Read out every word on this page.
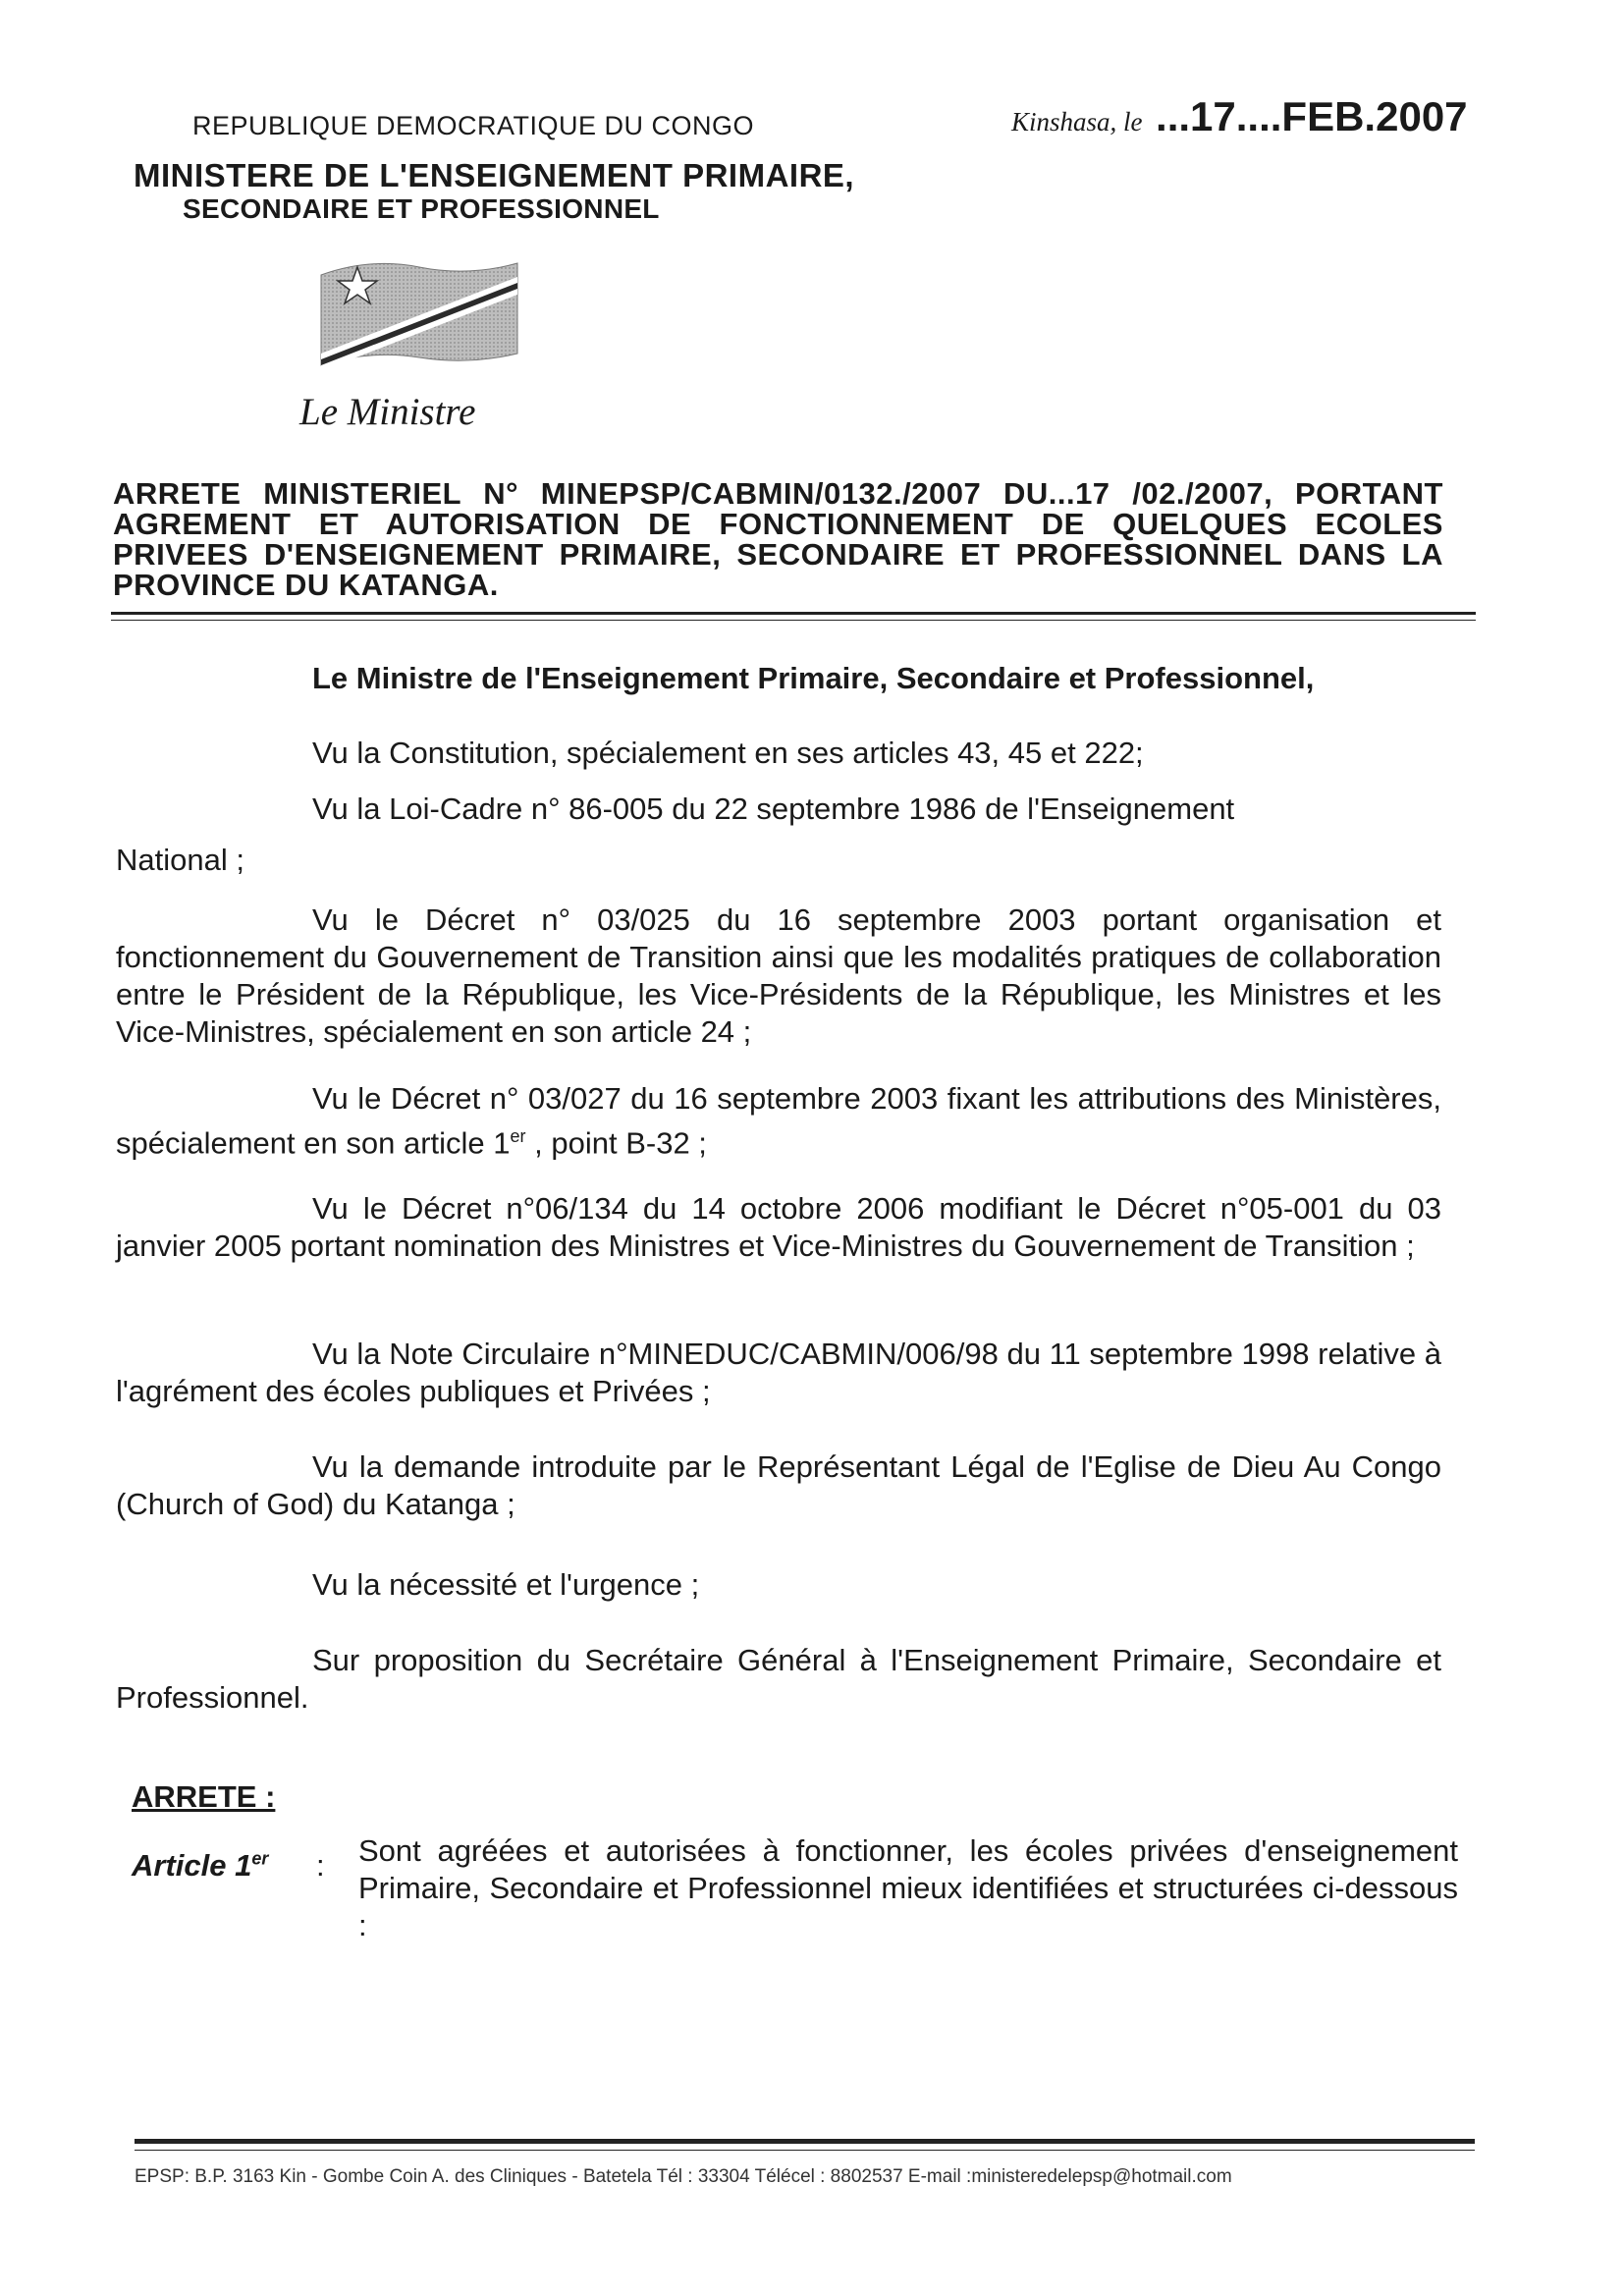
REPUBLIQUE DEMOCRATIQUE DU CONGO
MINISTERE DE L'ENSEIGNEMENT PRIMAIRE,
SECONDAIRE ET PROFESSIONNEL
Kinshasa, le ...17....FEB.2007
Le Ministre
ARRETE MINISTERIEL N° MINEPSP/CABMIN/0132./2007 DU...17 /02./2007, PORTANT AGREMENT ET AUTORISATION DE FONCTIONNEMENT DE QUELQUES ECOLES PRIVEES D'ENSEIGNEMENT PRIMAIRE, SECONDAIRE ET PROFESSIONNEL DANS LA PROVINCE DU KATANGA.
Le Ministre de l'Enseignement Primaire, Secondaire et Professionnel,
Vu la Constitution, spécialement en ses articles 43, 45 et 222;
Vu la Loi-Cadre n° 86-005 du 22 septembre 1986 de l'Enseignement
National ;
Vu le Décret n° 03/025 du 16 septembre 2003 portant organisation et fonctionnement du Gouvernement de Transition ainsi que les modalités pratiques de collaboration entre le Président de la République, les Vice-Présidents de la République, les Ministres et les Vice-Ministres, spécialement en son article 24 ;
Vu le Décret n° 03/027 du 16 septembre 2003 fixant les attributions des Ministères, spécialement en son article 1er , point B-32 ;
Vu le Décret n°06/134 du 14 octobre 2006 modifiant le Décret n°05-001 du 03 janvier 2005 portant nomination des Ministres et Vice-Ministres du Gouvernement de Transition ;
Vu la Note Circulaire n°MINEDUC/CABMIN/006/98 du 11 septembre 1998 relative à l'agrément des écoles publiques et Privées ;
Vu la demande introduite par le Représentant Légal de l'Eglise de Dieu Au Congo (Church of God) du Katanga ;
Vu la nécessité et l'urgence ;
Sur proposition du Secrétaire Général à l'Enseignement Primaire, Secondaire et Professionnel.
ARRETE :
Article 1er : Sont agréées et autorisées à fonctionner, les écoles privées d'enseignement Primaire, Secondaire et Professionnel mieux identifiées et structurées ci-dessous :
EPSP: B.P. 3163 Kin - Gombe Coin A. des Cliniques - Batetela Tél : 33304 Télécel : 8802537 E-mail :ministeredelepsp@hotmail.com
